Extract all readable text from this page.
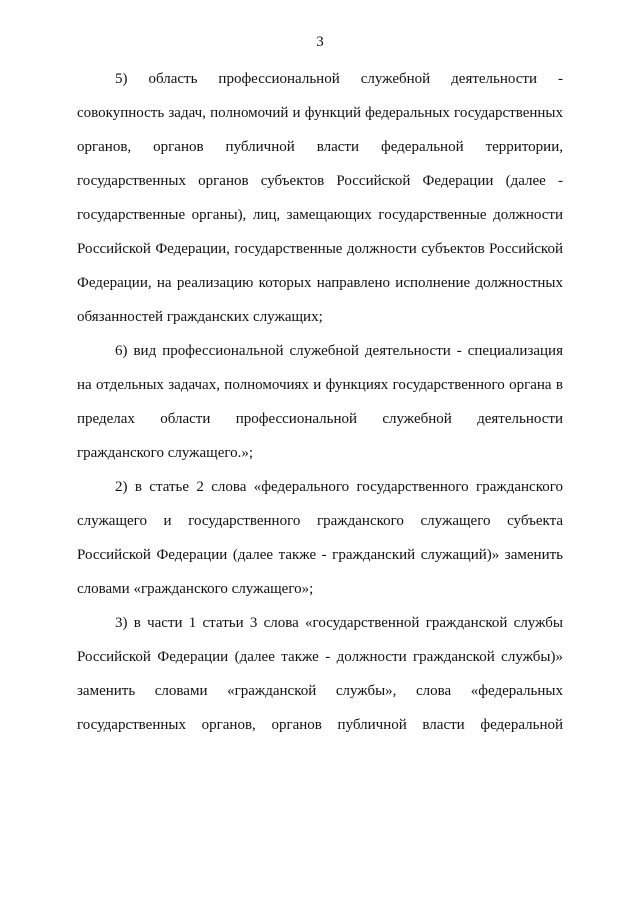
3

5) область профессиональной служебной деятельности - совокупность задач, полномочий и функций федеральных государственных органов, органов публичной власти федеральной территории, государственных органов субъектов Российской Федерации (далее - государственные органы), лиц, замещающих государственные должности Российской Федерации, государственные должности субъектов Российской Федерации, на реализацию которых направлено исполнение должностных обязанностей гражданских служащих;

6) вид профессиональной служебной деятельности - специализация на отдельных задачах, полномочиях и функциях государственного органа в пределах области профессиональной служебной деятельности гражданского служащего.»;

2) в статье 2 слова «федерального государственного гражданского служащего и государственного гражданского служащего субъекта Российской Федерации (далее также - гражданский служащий)» заменить словами «гражданского служащего»;

3) в части 1 статьи 3 слова «государственной гражданской службы Российской Федерации (далее также - должности гражданской службы)» заменить словами «гражданской службы», слова «федеральных государственных органов, органов публичной власти федеральной
